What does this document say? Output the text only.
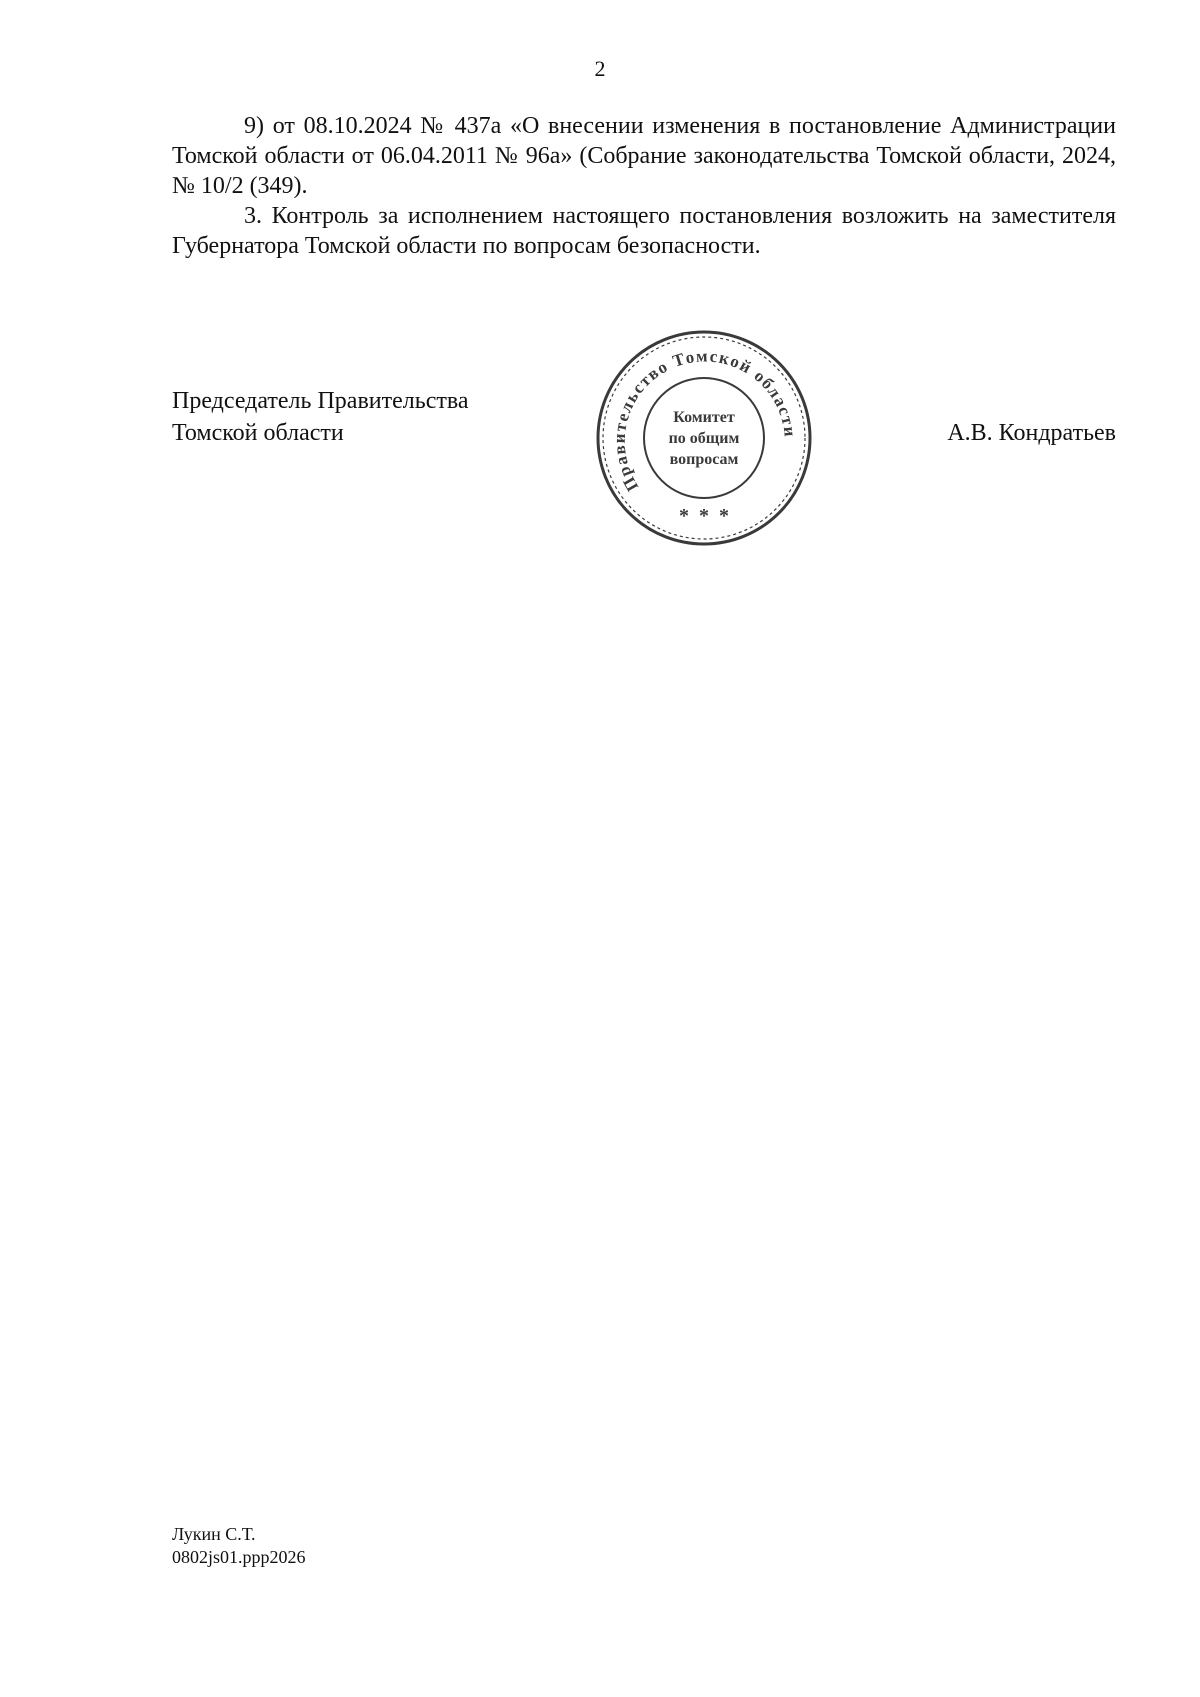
2

9) от 08.10.2024 № 437а «О внесении изменения в постановление Администрации Томской области от 06.04.2011 № 96а» (Собрание законодательства Томской области, 2024, № 10/2 (349).

3. Контроль за исполнением настоящего постановления возложить на заместителя Губернатора Томской области по вопросам безопасности.

Председатель Правительства
Томской области
Правительство Томской области
Комитет
по общим
вопросам
*  *  *
А.В. Кондратьев
Лукин С.Т.
0802js01.ppp2026
